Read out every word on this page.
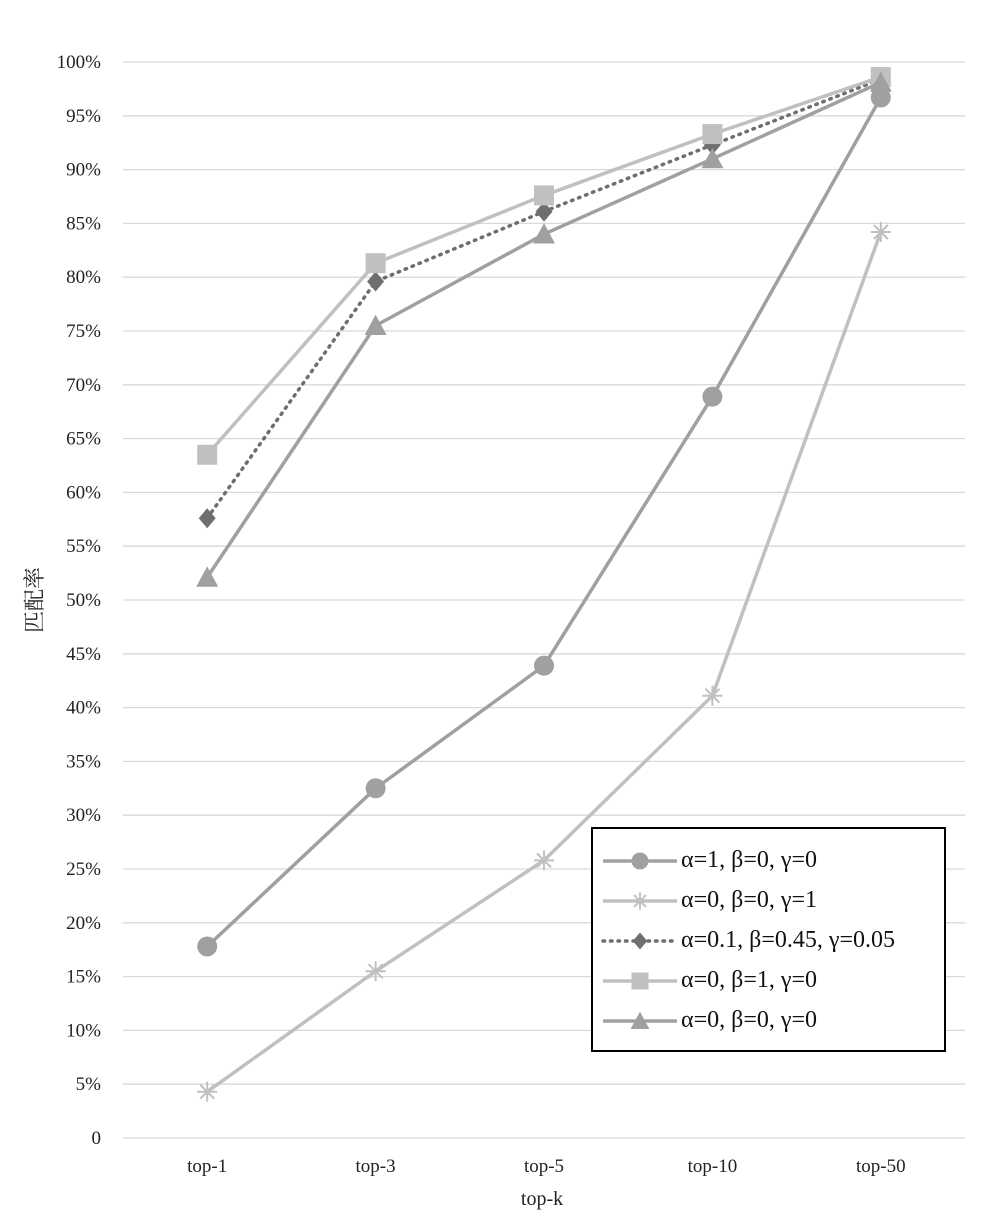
0
5%
10%
15%
20%
25%
30%
35%
40%
45%
50%
55%
60%
65%
70%
75%
80%
85%
90%
95%
100%
top-1	top-3	top-5	top-10	top-50
top-k
匹配率
α=1, β=0, γ=0
α=0, β=0, γ=1
α=0.1, β=0.45, γ=0.05
α=0, β=1, γ=0
α=0, β=0, γ=0
